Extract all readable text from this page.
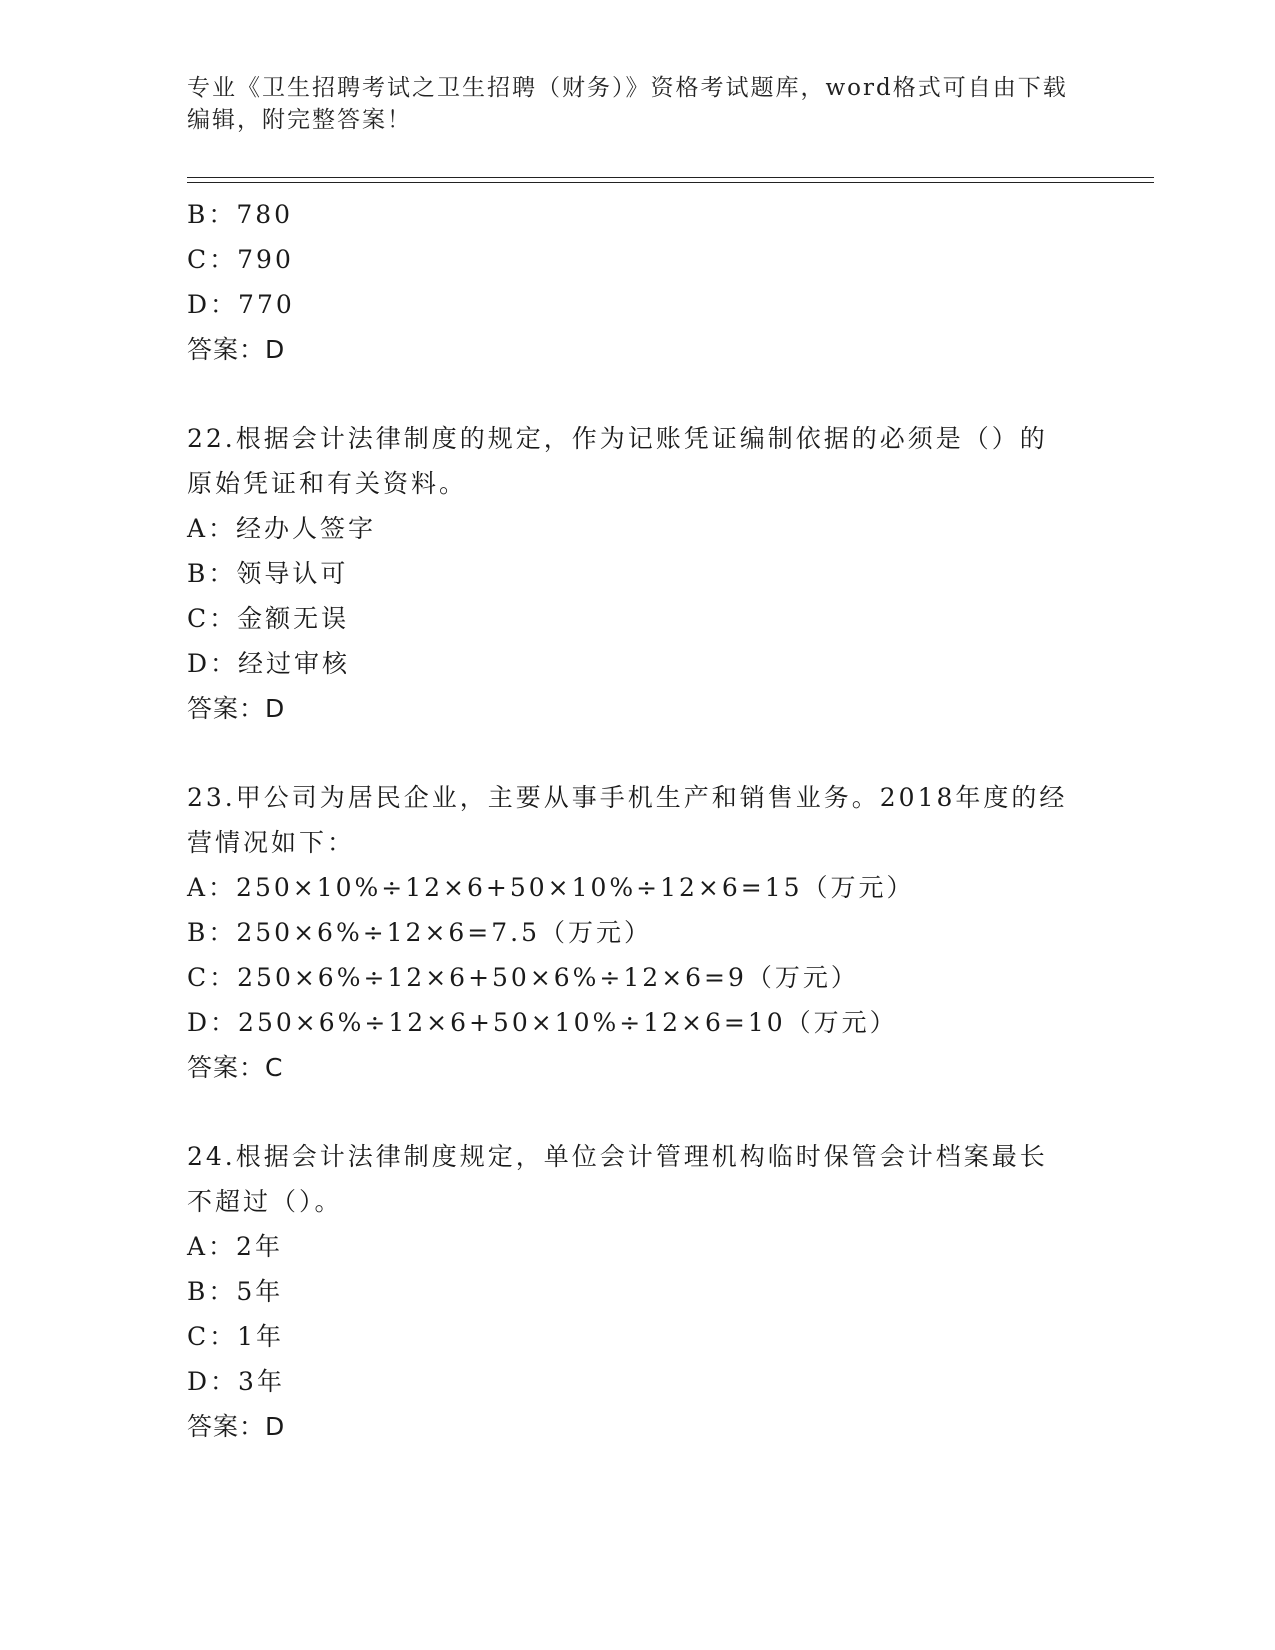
专业《卫生招聘考试之卫生招聘（财务）》资格考试题库，word格式可自由下载
编辑，附完整答案！
B：780
C：790
D：770
答案：D
22.根据会计法律制度的规定，作为记账凭证编制依据的必须是（）的
原始凭证和有关资料。
A：经办人签字
B：领导认可
C：金额无误
D：经过审核
答案：D
23.甲公司为居民企业，主要从事手机生产和销售业务。2018年度的经
营情况如下：
A：250×10%÷12×6+50×10%÷12×6=15（万元）
B：250×6%÷12×6=7.5（万元）
C：250×6%÷12×6+50×6%÷12×6=9（万元）
D：250×6%÷12×6+50×10%÷12×6=10（万元）
答案：C
24.根据会计法律制度规定，单位会计管理机构临时保管会计档案最长
不超过（）。
A：2年
B：5年
C：1年
D：3年
答案：D
